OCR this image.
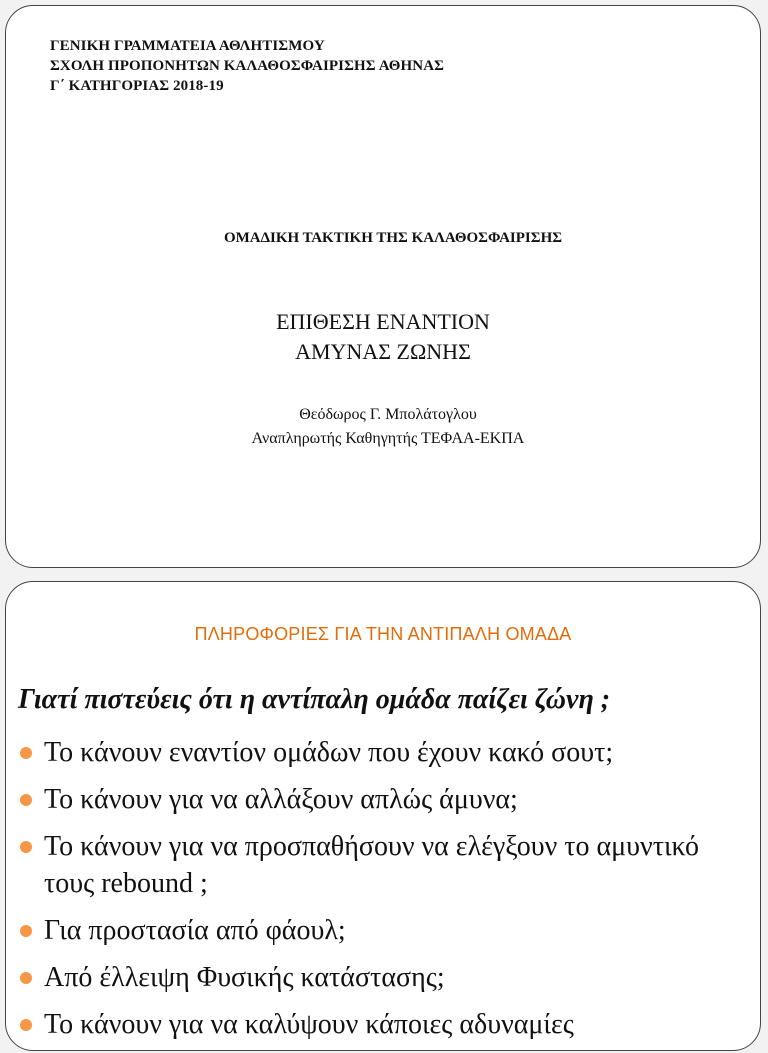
ΓΕΝΙΚΗ ΓΡΑΜΜΑΤΕΙΑ ΑΘΛΗΤΙΣΜΟΥ
ΣΧΟΛΗ ΠΡΟΠΟΝΗΤΩΝ ΚΑΛΑΘΟΣΦΑΙΡΙΣΗΣ ΑΘΗΝΑΣ
Γ΄ ΚΑΤΗΓΟΡΙΑΣ 2018-19
ΟΜΑΔΙΚΗ ΤΑΚΤΙΚΗ ΤΗΣ ΚΑΛΑΘΟΣΦΑΙΡΙΣΗΣ
ΕΠΙΘΕΣΗ ΕΝΑΝΤΙΟΝ
ΑΜΥΝΑΣ ΖΩΝΗΣ
Θεόδωρος Γ. Μπολάτογλου
Αναπληρωτής Καθηγητής ΤΕΦΑΑ-ΕΚΠΑ
ΠΛΗΡΟΦΟΡΙΕΣ ΓΙΑ ΤΗΝ ΑΝΤΙΠΑΛΗ ΟΜΑΔΑ
Γιατί πιστεύεις ότι η αντίπαλη ομάδα παίζει ζώνη ;
Το κάνουν εναντίον ομάδων που έχουν κακό σουτ;
Το κάνουν για να αλλάξουν απλώς άμυνα;
Το κάνουν για να προσπαθήσουν να ελέγξουν το αμυντικό τους rebound ;
Για προστασία από φάουλ;
Από έλλειψη Φυσικής κατάστασης;
Το κάνουν για να καλύψουν κάποιες αδυναμίες
